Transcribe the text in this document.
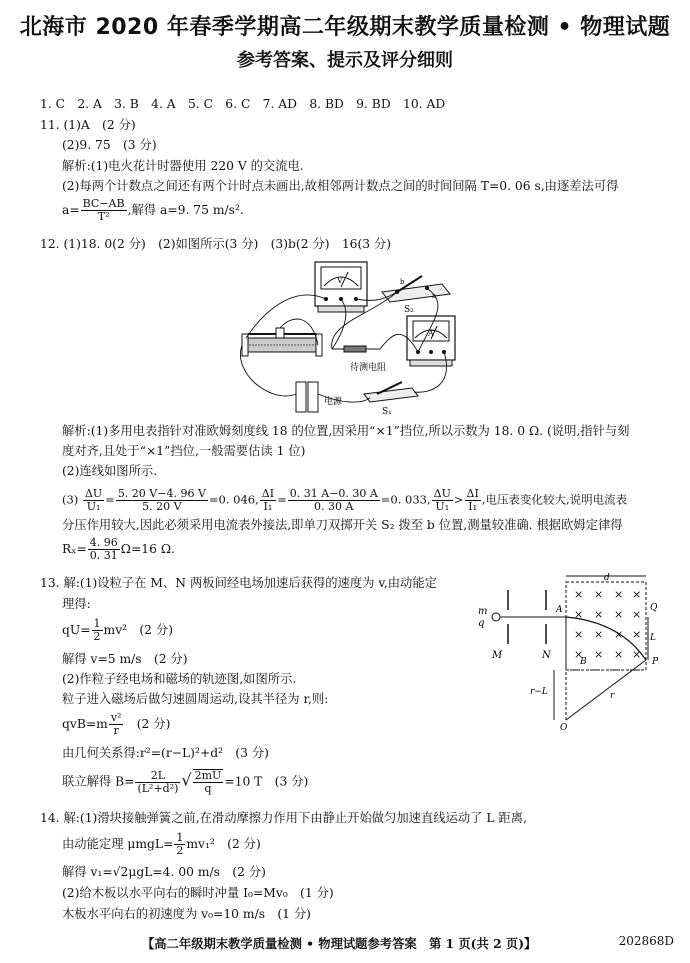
北海市 2020 年春季学期高二年级期末教学质量检测 • 物理试题
参考答案、提示及评分细则
1. C　2. A　3. B　4. A　5. C　6. C　7. AD　8. BD　9. BD　10. AD
11. (1)A　(2 分)
(2)9. 75　(3 分)
解析:(1)电火花计时器使用 220 V 的交流电.
(2)每两个计数点之间还有两个计时点未画出,故相邻两计数点之间的时间间隔 T=0. 06 s,由逐差法可得
$a= \frac{BC-AB}{\text{T²}}$ ,解得 a=9. 75 m/s².
12. (1)18. 0(2 分)　(2)如图所示(3 分)　(3)b(2 分)　16(3 分)
V	b
a
S₂
A
待测电阻
电源
S₁
解析:(1)多用电表指针对准欧姆刻度线 18 的位置,因采用“×1”挡位,所以示数为 18. 0 Ω. (说明,指针与刻
度对齐,且处于“×1”挡位,一般需要估读 1 位)
(2)连线如图所示.
$(3) \frac{\Delta U}{\text{U₁}} = \frac{5. 20 V-4. 96 V}{5. 20 V} =0$. 046, $\frac{\Delta I}{\text{I₁}} = \frac{0. 31 A-0. 30 A}{0. 30 A} =0$. 033, $\frac{\Delta U}{\text{U₁}} > \frac{\Delta I}{\text{I₁}}$ ,电压表变化较大,说明电流表
分压作用较大,因此必须采用电流表外接法,即单刀双掷开关 S₂ 拨至 b 位置,测量较准确. 根据欧姆定律得
$R_x= \frac{4. 96}{0. 31} \Omega=16$ Ω.
13. 解:(1)设粒子在 M、N 两板间经电场加速后获得的速度为 v,由动能定
理得:
$qU= \frac{1}{2} mv^2$　(2 分)
解得 v=5 m/s　(2 分)
(2)作粒子经电场和磁场的轨迹图,如图所示.
粒子进入磁场后做匀速圆周运动,设其半径为 r,则:
$qvB=m \frac{\text{v²}}{r}$ 　(2 分)
由几何关系得:r²=(r−L)²+d²　(3 分)
联立解得 $B= \frac{2L}{\text{(L²+d²)}}$ √ $\frac{2mU}{q} =10$ T　(3 分)
m
q
M	N
d
× × × ×
× × × ×
× × × ×
× × × ×
A
B
Q
P
L
r−L	r
O
14. 解:(1)滑块接触弹簧之前,在滑动摩擦力作用下由静止开始做匀加速直线运动了 L 距离,
由动能定理 $\mu mgL= \frac{1}{2} mv_1^2$　(2 分)
解得 v₁=√2μgL=4. 00 m/s　(2 分)
(2)给木板以水平向右的瞬时冲量 I₀=Mv₀　(1 分)
木板水平向右的初速度为 v₀=10 m/s　(1 分)
【高二年级期末教学质量检测 • 物理试题参考答案　第 1 页(共 2 页)】	202868D
